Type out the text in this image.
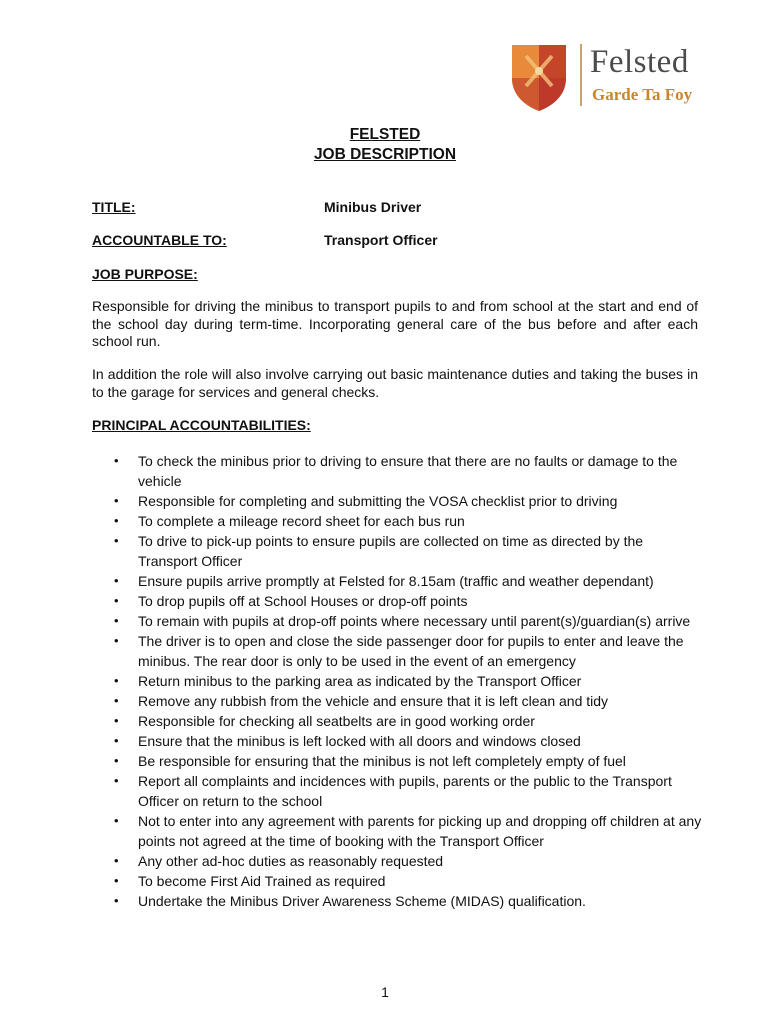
Felsted
Garde Ta Foy
FELSTED
JOB DESCRIPTION
TITLE:	Minibus Driver
ACCOUNTABLE TO:	Transport Officer
JOB PURPOSE:
Responsible for driving the minibus to transport pupils to and from school at the start and end of the school day during term-time. Incorporating general care of the bus before and after each school run.
In addition the role will also involve carrying out basic maintenance duties and taking the buses in to the garage for services and general checks.
PRINCIPAL ACCOUNTABILITIES:
• To check the minibus prior to driving to ensure that there are no faults or damage to the vehicle
• Responsible for completing and submitting the VOSA checklist prior to driving
• To complete a mileage record sheet for each bus run
• To drive to pick-up points to ensure pupils are collected on time as directed by the Transport Officer
• Ensure pupils arrive promptly at Felsted for 8.15am (traffic and weather dependant)
• To drop pupils off at School Houses or drop-off points
• To remain with pupils at drop-off points where necessary until parent(s)/guardian(s) arrive
• The driver is to open and close the side passenger door for pupils to enter and leave the minibus. The rear door is only to be used in the event of an emergency
• Return minibus to the parking area as indicated by the Transport Officer
• Remove any rubbish from the vehicle and ensure that it is left clean and tidy
• Responsible for checking all seatbelts are in good working order
• Ensure that the minibus is left locked with all doors and windows closed
• Be responsible for ensuring that the minibus is not left completely empty of fuel
• Report all complaints and incidences with pupils, parents or the public to the Transport Officer on return to the school
• Not to enter into any agreement with parents for picking up and dropping off children at any points not agreed at the time of booking with the Transport Officer
• Any other ad-hoc duties as reasonably requested
• To become First Aid Trained as required
• Undertake the Minibus Driver Awareness Scheme (MIDAS) qualification.
1
